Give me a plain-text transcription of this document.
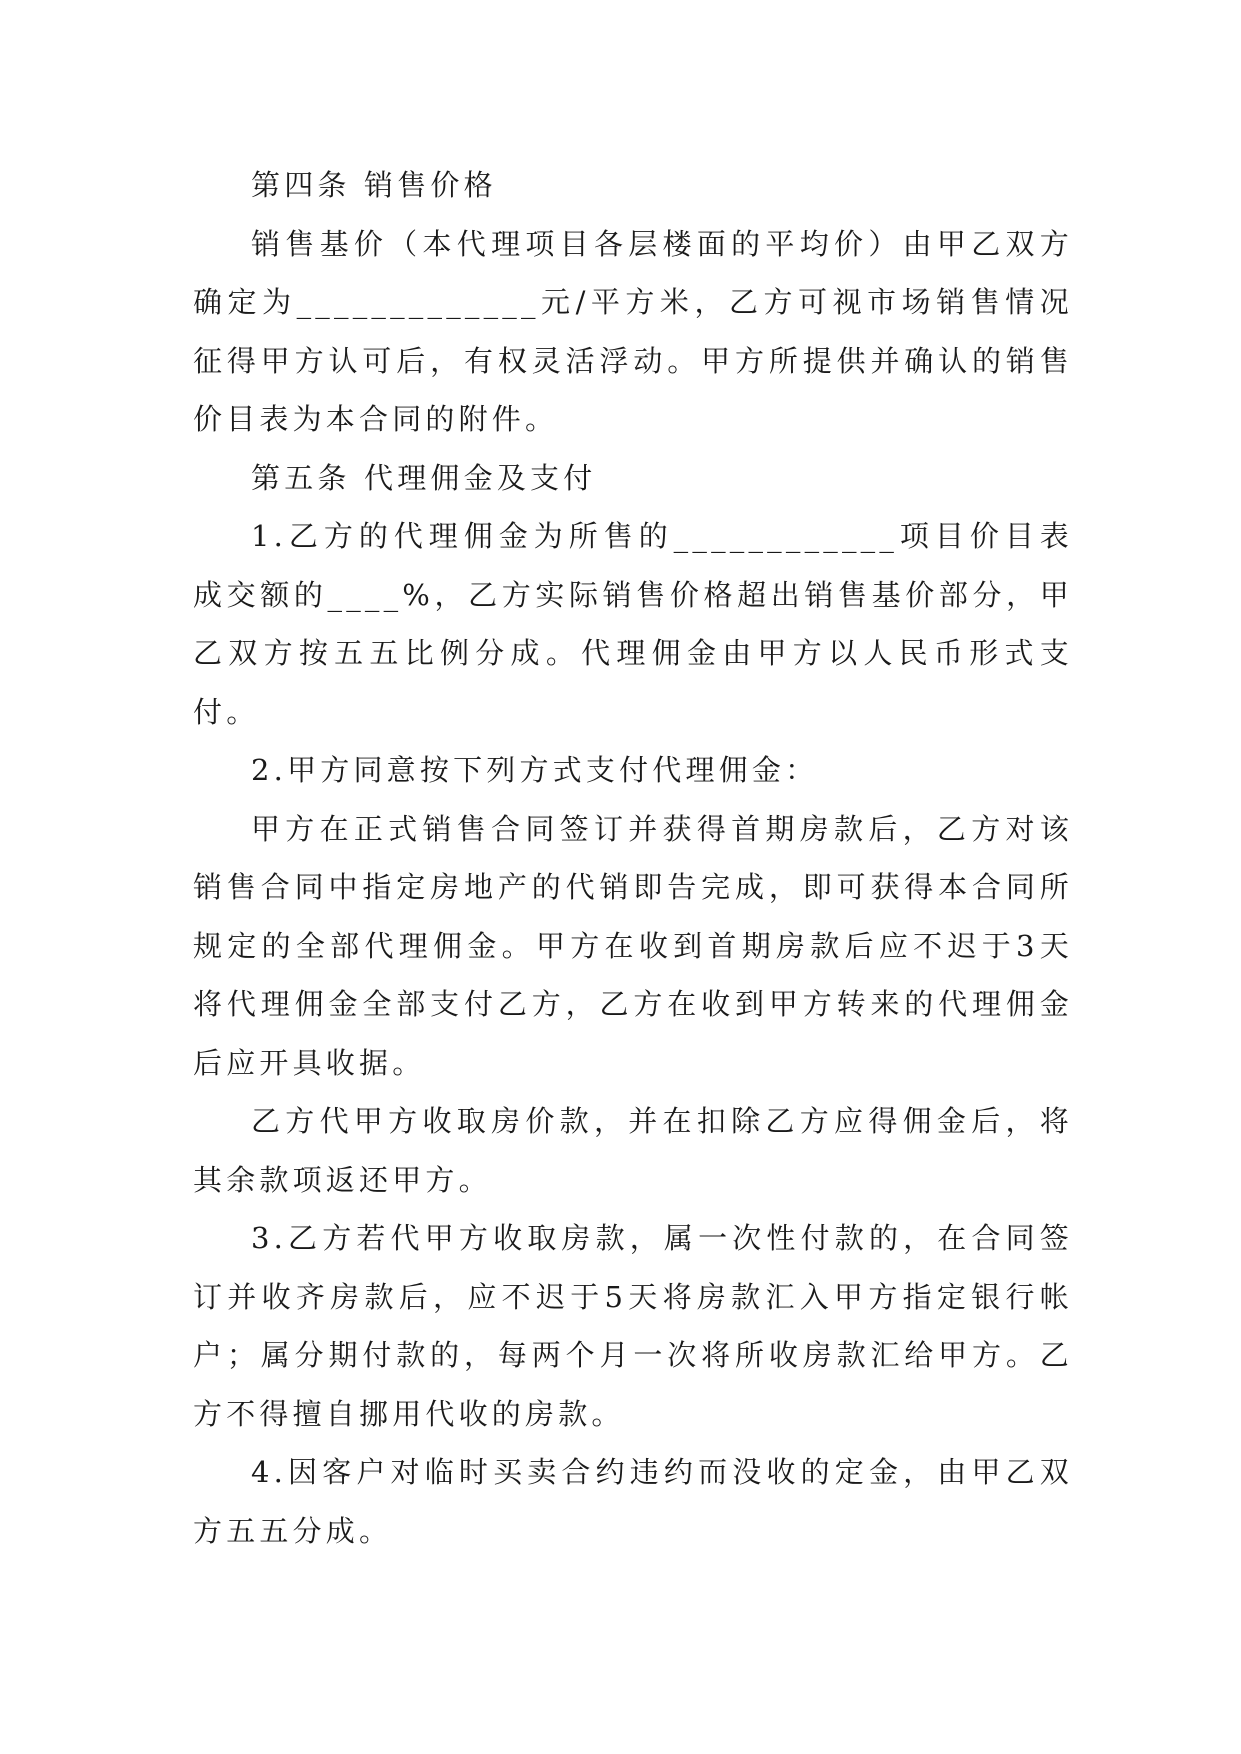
第四条 销售价格

销售基价（本代理项目各层楼面的平均价）由甲乙双方确定为_____________元/平方米，乙方可视市场销售情况征得甲方认可后，有权灵活浮动。甲方所提供并确认的销售价目表为本合同的附件。

第五条 代理佣金及支付

1.乙方的代理佣金为所售的____________项目价目表成交额的____%，乙方实际销售价格超出销售基价部分，甲乙双方按五五比例分成。代理佣金由甲方以人民币形式支付。

2.甲方同意按下列方式支付代理佣金：

甲方在正式销售合同签订并获得首期房款后，乙方对该销售合同中指定房地产的代销即告完成，即可获得本合同所规定的全部代理佣金。甲方在收到首期房款后应不迟于3天将代理佣金全部支付乙方，乙方在收到甲方转来的代理佣金后应开具收据。

乙方代甲方收取房价款，并在扣除乙方应得佣金后，将其余款项返还甲方。

3.乙方若代甲方收取房款，属一次性付款的，在合同签订并收齐房款后，应不迟于5天将房款汇入甲方指定银行帐户；属分期付款的，每两个月一次将所收房款汇给甲方。乙方不得擅自挪用代收的房款。

4.因客户对临时买卖合约违约而没收的定金，由甲乙双方五五分成。
